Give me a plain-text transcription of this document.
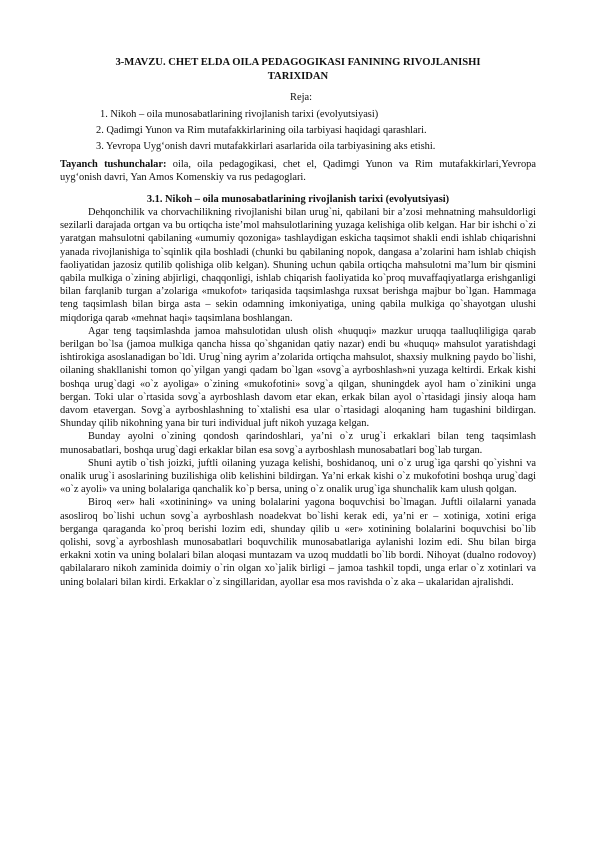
3-MAVZU. CHET ELDA OILA PEDAGOGIKASI FANINING RIVOJLANISHI
TARIXIDAN
Reja:
1. Nikoh – oila munosabatlarining rivojlanish tarixi (evolyutsiyasi)
2. Qadimgi Yunon va Rim mutafakkirlarining oila tarbiyasi haqidagi qarashlari.
3. Yevropa Uyg‘onish davri mutafakkirlari asarlarida oila tarbiyasining aks etishi.
Tayanch tushunchalar: oila, oila pedagogikasi, chet el, Qadimgi Yunon va Rim mutafakkirlari,Yevropa uyg‘onish davri, Yan Amos Komenskiy va rus pedagoglari.
3.1. Nikoh – oila munosabatlarining rivojlanish tarixi (evolyutsiyasi)

Dehqonchilik va chorvachilikning rivojlanishi bilan urug`ni, qabilani bir a’zosi mehnatning mahsuldorligi sezilarli darajada ortgan va bu ortiqcha iste’mol mahsulotlarining yuzaga kelishiga olib kelgan. Har bir ishchi o`zi yaratgan mahsulotni qabilaning «umumiy qozoniga» tashlaydigan eskicha taqsimot shakli endi ishlab chiqarishni yanada rivojlanishiga to`sqinlik qila boshladi (chunki bu qabilaning nopok, dangasa a’zolarini ham ishlab chiqish faoliyatidan jazosiz qutilib qolishiga olib kelgan). Shuning uchun qabila ortiqcha mahsulotni ma’lum bir qismini qabila mulkiga o`zining abjirligi, chaqqonligi, ishlab chiqarish faoliyatida ko`proq muvaffaqiyatlarga erishganligi bilan farqlanib turgan a’zolariga «mukofot» tariqasida taqsimlashga ruxsat berishga majbur bo`lgan. Hammaga teng taqsimlash bilan birga asta – sekin odamning imkoniyatiga, uning qabila mulkiga qo`shayotgan ulushi miqdoriga qarab «mehnat haqi» taqsimlana boshlangan.

Agar teng taqsimlashda jamoa mahsulotidan ulush olish «huquqi» mazkur uruqqa taalluqliligiga qarab berilgan bo`lsa (jamoa mulkiga qancha hissa qo`shganidan qatiy nazar) endi bu «huquq» mahsulot yaratishdagi ishtirokiga asoslanadigan bo`ldi. Urug`ning ayrim a’zolarida ortiqcha mahsulot, shaxsiy mulkning paydo bo`lishi, oilaning shakllanishi tomon qo`yilgan yangi qadam bo`lgan «sovg`a ayrboshlash»ni yuzaga keltirdi. Erkak kishi boshqa urug`dagi «o`z ayoliga» o`zining «mukofotini» sovg`a qilgan, shuningdek ayol ham o`zinikini unga bergan. Toki ular o`rtasida sovg`a ayrboshlash davom etar ekan, erkak bilan ayol o`rtasidagi jinsiy aloqa ham davom etavergan. Sovg`a ayrboshlashning to`xtalishi esa ular o`rtasidagi aloqaning ham tugashini bildirgan. Shunday qilib nikohning yana bir turi individual juft nikoh yuzaga kelgan.

Bunday ayolni o`zining qondosh qarindoshlari, ya’ni o`z urug`i erkaklari bilan teng taqsimlash munosabatlari, boshqa urug`dagi erkaklar bilan esa sovg`a ayrboshlash munosabatlari bog`lab turgan.

Shuni aytib o`tish joizki, juftli oilaning yuzaga kelishi, boshidanoq, uni o`z urug`iga qarshi qo`yishni va onalik urug`i asoslarining buzilishiga olib kelishini bildirgan. Ya’ni erkak kishi o`z mukofotini boshqa urug`dagi «o`z ayoli» va uning bolalariga qanchalik ko`p bersa, uning o`z onalik urug`iga shunchalik kam ulush qolgan.

Biroq «er» hali «xotinining» va uning bolalarini yagona boquvchisi bo`lmagan. Juftli oilalarni yanada asosliroq bo`lishi uchun sovg`a ayrboshlash noadekvat bo`lishi kerak edi, ya’ni er – xotiniga, xotini eriga berganga qaraganda ko`proq berishi lozim edi, shunday qilib u «er» xotinining bolalarini boquvchisi bo`lib qolishi, sovg`a ayrboshlash munosabatlari boquvchilik munosabatlariga aylanishi lozim edi. Shu bilan birga erkakni xotin va uning bolalari bilan aloqasi muntazam va uzoq muddatli bo`lib bordi. Nihoyat (dualno rodovoy) qabilalararo nikoh zaminida doimiy o`rin olgan xo`jalik birligi – jamoa tashkil topdi, unga erlar o`z xotinlari va uning bolalari bilan kirdi. Erkaklar o`z singillaridan, ayollar esa mos ravishda o`z aka – ukalaridan ajralishdi.
